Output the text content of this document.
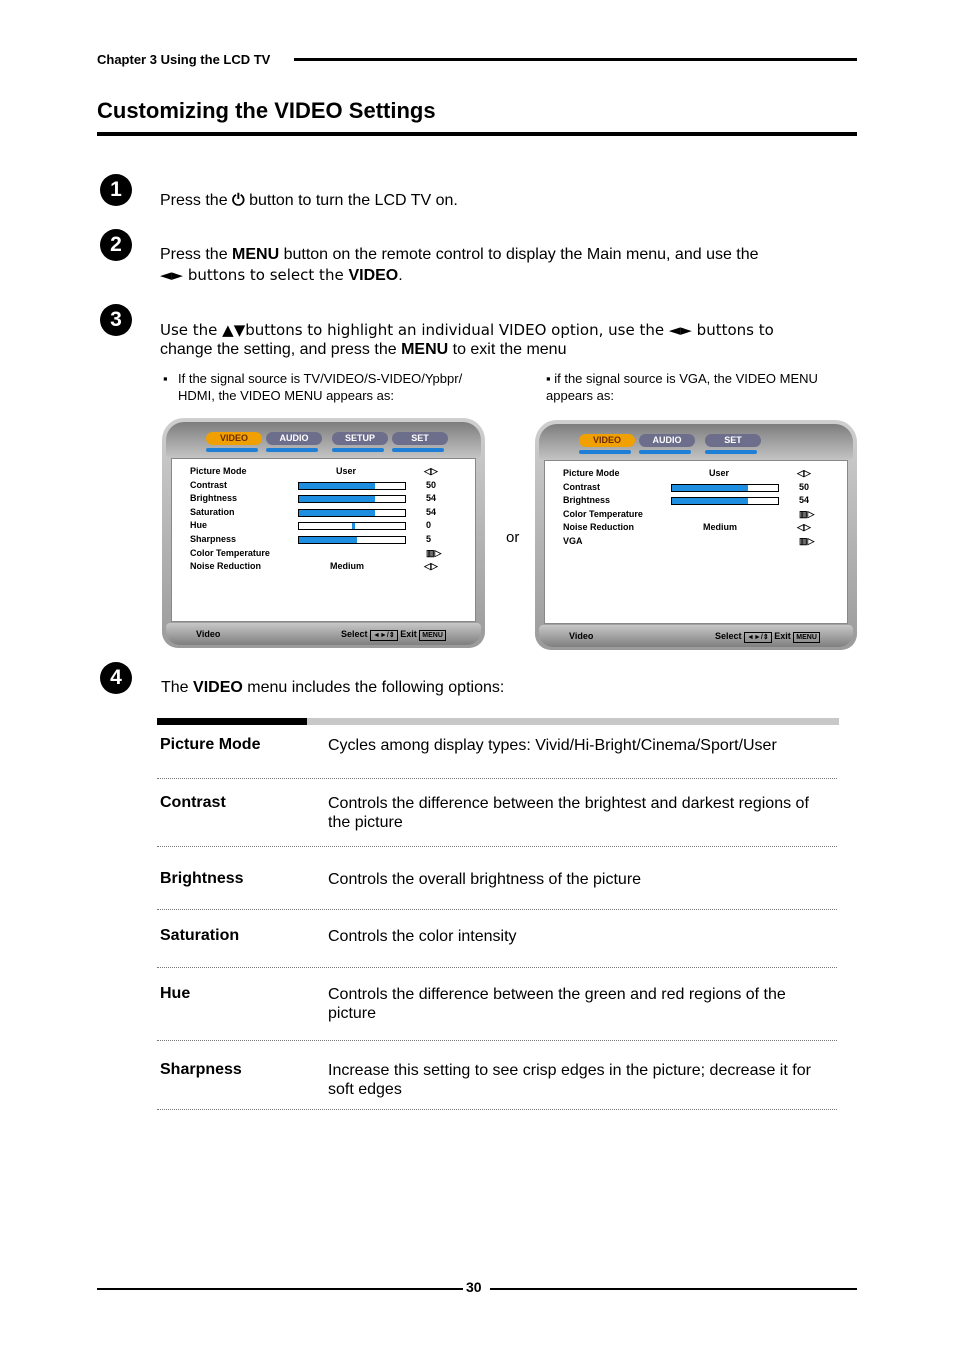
Chapter 3 Using the LCD TV
Customizing the VIDEO Settings
1	Press the ⏻ button to turn the LCD TV on.
2	Press the MENU button on the remote control to display the Main menu, and use the
◄► buttons to select the VIDEO.
3	Use the ▲▼buttons to highlight an individual VIDEO option, use the ◄► buttons to
change the setting, and press the MENU to exit the menu
▪ If the signal source is TV/VIDEO/S-VIDEO/Ypbpr/
HDMI, the VIDEO MENU appears as:
▪ if the signal source is VGA, the VIDEO MENU
appears as:
or
VIDEO	AUDIO	SETUP	SET
Picture Mode	User	◁▷
Contrast	50
Brightness	54
Saturation	54
Hue	0
Sharpness	5
Color Temperature	▥▷
Noise Reduction	Medium	◁▷
Video	Select ◄►/⇕ Exit MENU
VIDEO	AUDIO	SET
Picture Mode	User	◁▷
Contrast	50
Brightness	54
Color Temperature	▥▷
Noise Reduction	Medium	◁▷
VGA	▥▷
Video	Select ◄►/⇕ Exit MENU
4	The VIDEO menu includes the following options:
Picture Mode	Cycles among display types: Vivid/Hi-Bright/Cinema/Sport/User
Contrast	Controls the difference between the brightest and darkest regions of
the picture
Brightness	Controls the overall brightness of the picture
Saturation	Controls the color intensity
Hue	Controls the difference between the green and red regions of the
picture
Sharpness	Increase this setting to see crisp edges in the picture; decrease it for
soft edges
30
